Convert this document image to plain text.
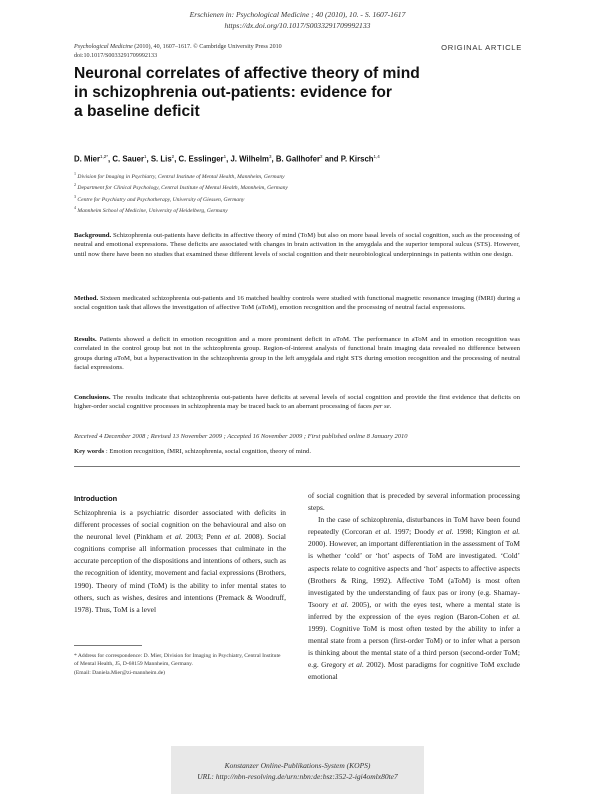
Erschienen in: Psychological Medicine ; 40 (2010), 10. - S. 1607-1617
https://dx.doi.org/10.1017/S0033291709992133
Psychological Medicine (2010), 40, 1607–1617. © Cambridge University Press 2010
doi:10.1017/S0033291709992133
ORIGINAL ARTICLE
Neuronal correlates of affective theory of mind
in schizophrenia out-patients: evidence for
a baseline deficit
D. Mier$^{1,2*}$, C. Sauer$^1$, S. Lis$^2$, C. Esslinger$^1$, J. Wilhelm$^3$, B. Gallhofer$^2$ and P. Kirsch$^{1,4}$
$^1$ Division for Imaging in Psychiatry, Central Institute of Mental Health, Mannheim, Germany
$^2$ Department for Clinical Psychology, Central Institute of Mental Health, Mannheim, Germany
$^3$ Centre for Psychiatry and Psychotherapy, University of Giessen, Germany
$^4$ Mannheim School of Medicine, University of Heidelberg, Germany
Background. Schizophrenia out-patients have deficits in affective theory of mind (ToM) but also on more basal levels of social cognition, such as the processing of neutral and emotional expressions. These deficits are associated with changes in brain activation in the amygdala and the superior temporal sulcus (STS). However, until now there have been no studies that examined these different levels of social cognition and their neurobiological underpinnings in patients within one design.
Method. Sixteen medicated schizophrenia out-patients and 16 matched healthy controls were studied with functional magnetic resonance imaging (fMRI) during a social cognition task that allows the investigation of affective ToM (aToM), emotion recognition and the processing of neutral facial expressions.
Results. Patients showed a deficit in emotion recognition and a more prominent deficit in aToM. The performance in aToM and in emotion recognition was correlated in the control group but not in the schizophrenia group. Region-of-interest analysis of functional brain imaging data revealed no difference between groups during aToM, but a hyperactivation in the schizophrenia group in the left amygdala and right STS during emotion recognition and the processing of neutral facial expressions.
Conclusions. The results indicate that schizophrenia out-patients have deficits at several levels of social cognition and provide the first evidence that deficits on higher-order social cognitive processes in schizophrenia may be traced back to an aberrant processing of faces per se.
Received 4 December 2008 ; Revised 13 November 2009 ; Accepted 16 November 2009 ; First published online 8 January 2010
Key words : Emotion recognition, fMRI, schizophrenia, social cognition, theory of mind.
Introduction

Schizophrenia is a psychiatric disorder associated with deficits in different processes of social cognition on the behavioural and also on the neuronal level (Pinkham et al. 2003; Penn et al. 2008). Social cognitions comprise all information processes that culminate in the accurate perception of the dispositions and intentions of others, such as the recognition of identity, movement and facial expressions (Brothers, 1990). Theory of mind (ToM) is the ability to infer mental states to others, such as wishes, desires and intentions (Premack & Woodruff, 1978). Thus, ToM is a level

of social cognition that is preceded by several information processing steps.

In the case of schizophrenia, disturbances in ToM have been found repeatedly (Corcoran et al. 1997; Doody et al. 1998; Kington et al. 2000). However, an important differentiation in the assessment of ToM is whether ‘cold’ or ‘hot’ aspects of ToM are investigated. ‘Cold’ aspects relate to cognitive aspects and ‘hot’ aspects to affective aspects (Brothers & Ring, 1992). Affective ToM (aToM) is most often investigated by the understanding of faux pas or irony (e.g. Shamay-Tsoory et al. 2005), or with the eyes test, where a mental state is inferred by the expression of the eyes region (Baron-Cohen et al. 1999). Cognitive ToM is most often tested by the ability to infer a mental state from a person (first-order ToM) or to infer what a person is thinking about the mental state of a third person (second-order ToM; e.g. Gregory et al. 2002). Most paradigms for cognitive ToM exclude emotional

* Address for correspondence: D. Mier, Division for Imaging in Psychiatry, Central Institute of Mental Health, J5, D-68159 Mannheim, Germany.
(Email: Daniela.Mier@zi-mannheim.de)
Konstanzer Online-Publikations-System (KOPS)
URL: http://nbn-resolving.de/urn:nbn:de:bsz:352-2-igi4omlx80te7
